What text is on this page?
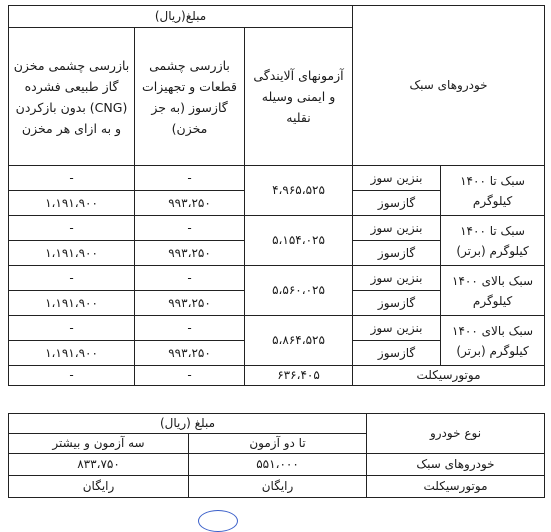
خودروهای سبک		مبلغ(ریال)		
		آزمونهای آلایندگی و ایمنی وسیله نقلیه	بازرسی چشمی قطعات و تجهیزات گازسوز (به جز مخزن)	بازرسی چشمی مخزن گاز طبیعی فشرده (CNG) بدون بازکردن و به ازای هر مخزن
سبک تا ۱۴۰۰ کیلوگرم	بنزین سوز	۴،۹۶۵،۵۲۵	-	-
	گازسوز		۹۹۳،۲۵۰	۱،۱۹۱،۹۰۰
سبک تا ۱۴۰۰ کیلوگرم (برتر)	بنزین سوز	۵،۱۵۴،۰۲۵	-	-
	گازسوز		۹۹۳،۲۵۰	۱،۱۹۱،۹۰۰
سبک بالای ۱۴۰۰ کیلوگرم	بنزین سوز	۵،۵۶۰،۰۲۵	-	-
	گازسوز		۹۹۳،۲۵۰	۱،۱۹۱،۹۰۰
سبک بالای ۱۴۰۰ کیلوگرم (برتر)	بنزین سوز	۵،۸۶۴،۵۲۵	-	-
	گازسوز		۹۹۳،۲۵۰	۱،۱۹۱،۹۰۰
موتورسیکلت		۶۳۶،۴۰۵	-	-
نوع خودرو	مبلغ (ریال)	
	تا دو آزمون	سه آزمون و بیشتر
خودروهای سبک	۵۵۱،۰۰۰	۸۳۳،۷۵۰
موتورسیکلت	رایگان	رایگان
